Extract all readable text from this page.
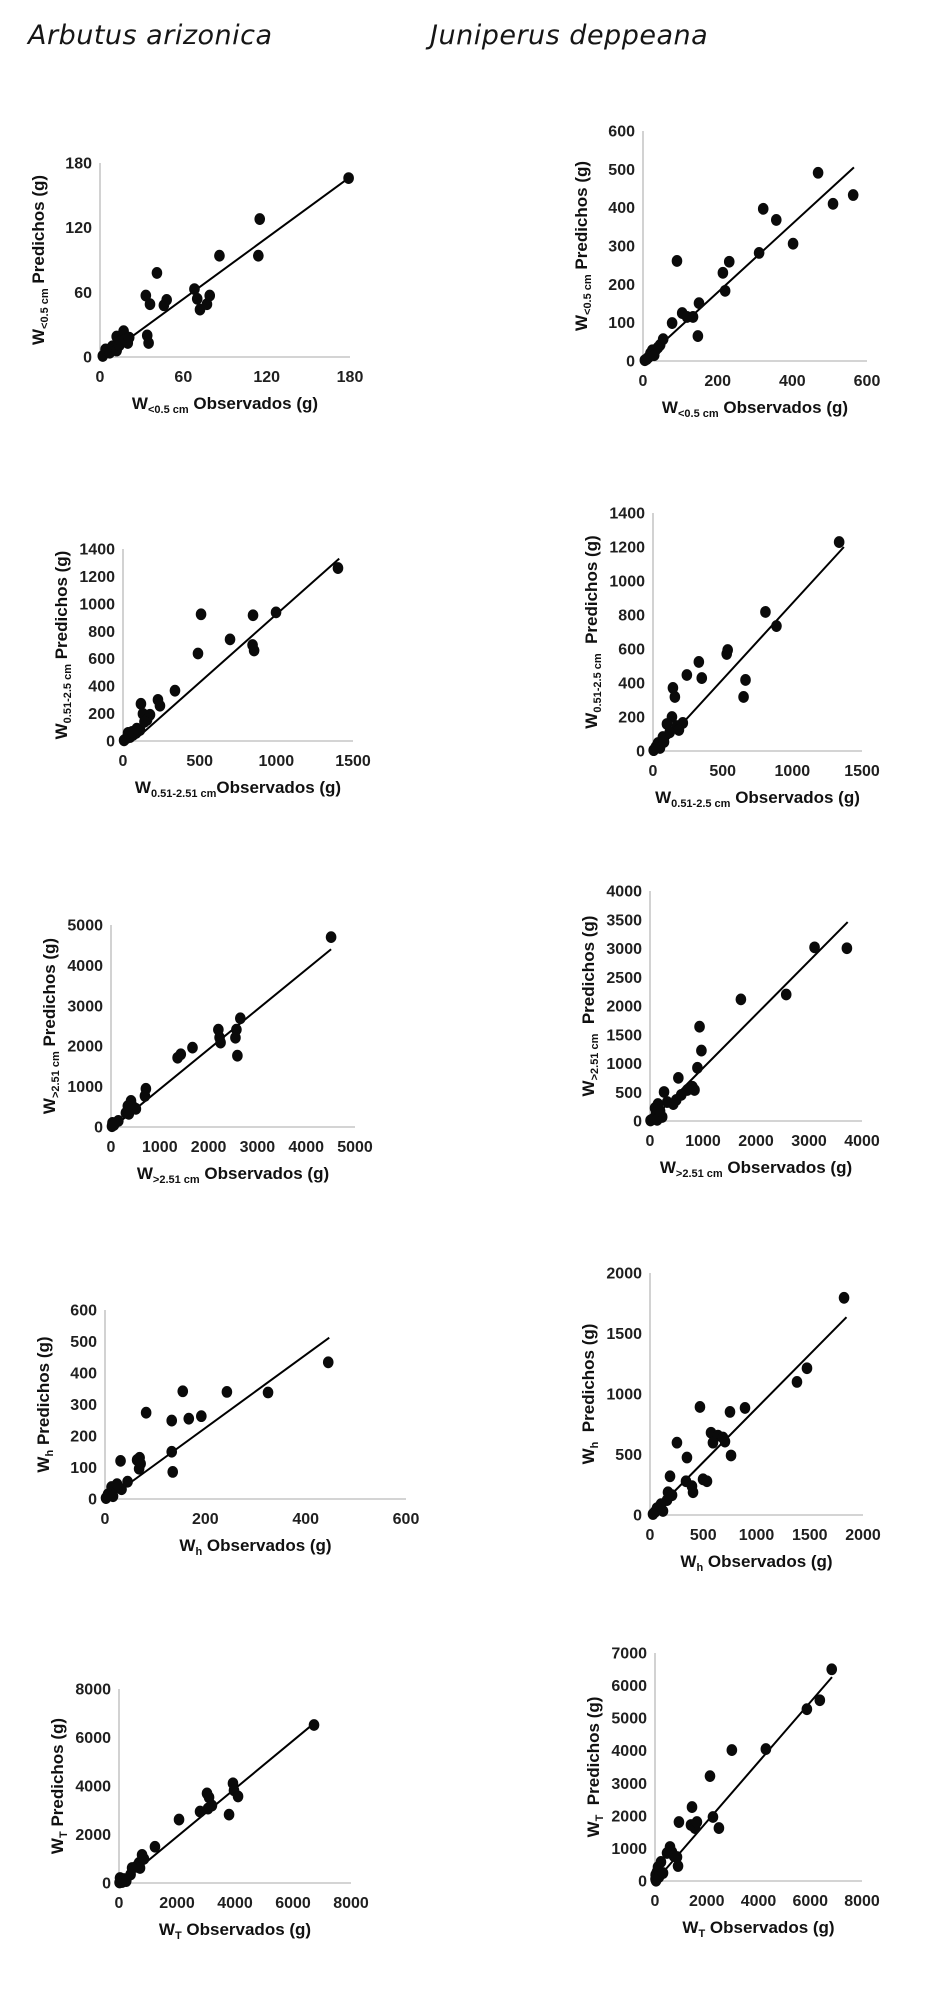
Arbutus arizonica	Juniperus deppeana
0
60
120
180
0	60	120	180
$W_{<0.5 cm}$ Predichos (g)
$W_{<0.5 cm}$ Observados (g)
0
100
200
300
400
500
600
0	200	400	600
$W_{<0.5 cm}$ Predichos (g)
$W_{<0.5 cm}$ Observados (g)
0
200
400
600
800
1000
1200
1400
0	500	1000	1500
$W_{0.51-2.5 cm}$ Predichos (g)
$W_{0.51-2.51 cm}Observados$ (g)
0
200
400
600
800
1000
1200
1400
0	500 1000 1500
$W_{0.51-2.5 cm}$  Predichos (g)
$W_{0.51-2.5 cm}$ Observados (g)
0
1000
2000
3000
4000
5000
0 1000 2000 3000 4000 5000
$W_{>2.51 cm}$ Predichos (g)
$W_{>2.51 cm}$ Observados (g)
0
500
1000
1500
2000
2500
3000
3500
4000
0 1000 2000 3000 4000
$W_{>2.51 cm}$  Predichos (g)
$W_{>2.51 cm}$ Observados (g)
0
100
200
300
400
500
600
0	200	400	600
$W_h$ Predichos (g)
$W_h$ Observados (g)
0
500
1000
1500
2000
0 500 1000 1500 2000
$W_h$  Predichos (g)
$W_h$ Observados (g)
0
2000
4000
6000
8000
0 2000 4000 6000 8000
$W_T$ Predichos (g)
$W_T$ Observados (g)
0
1000
2000
3000
4000
5000
6000
7000
0 2000 4000 6000 8000
$W_T$  Predichos (g)
$W_T$ Observados (g)
